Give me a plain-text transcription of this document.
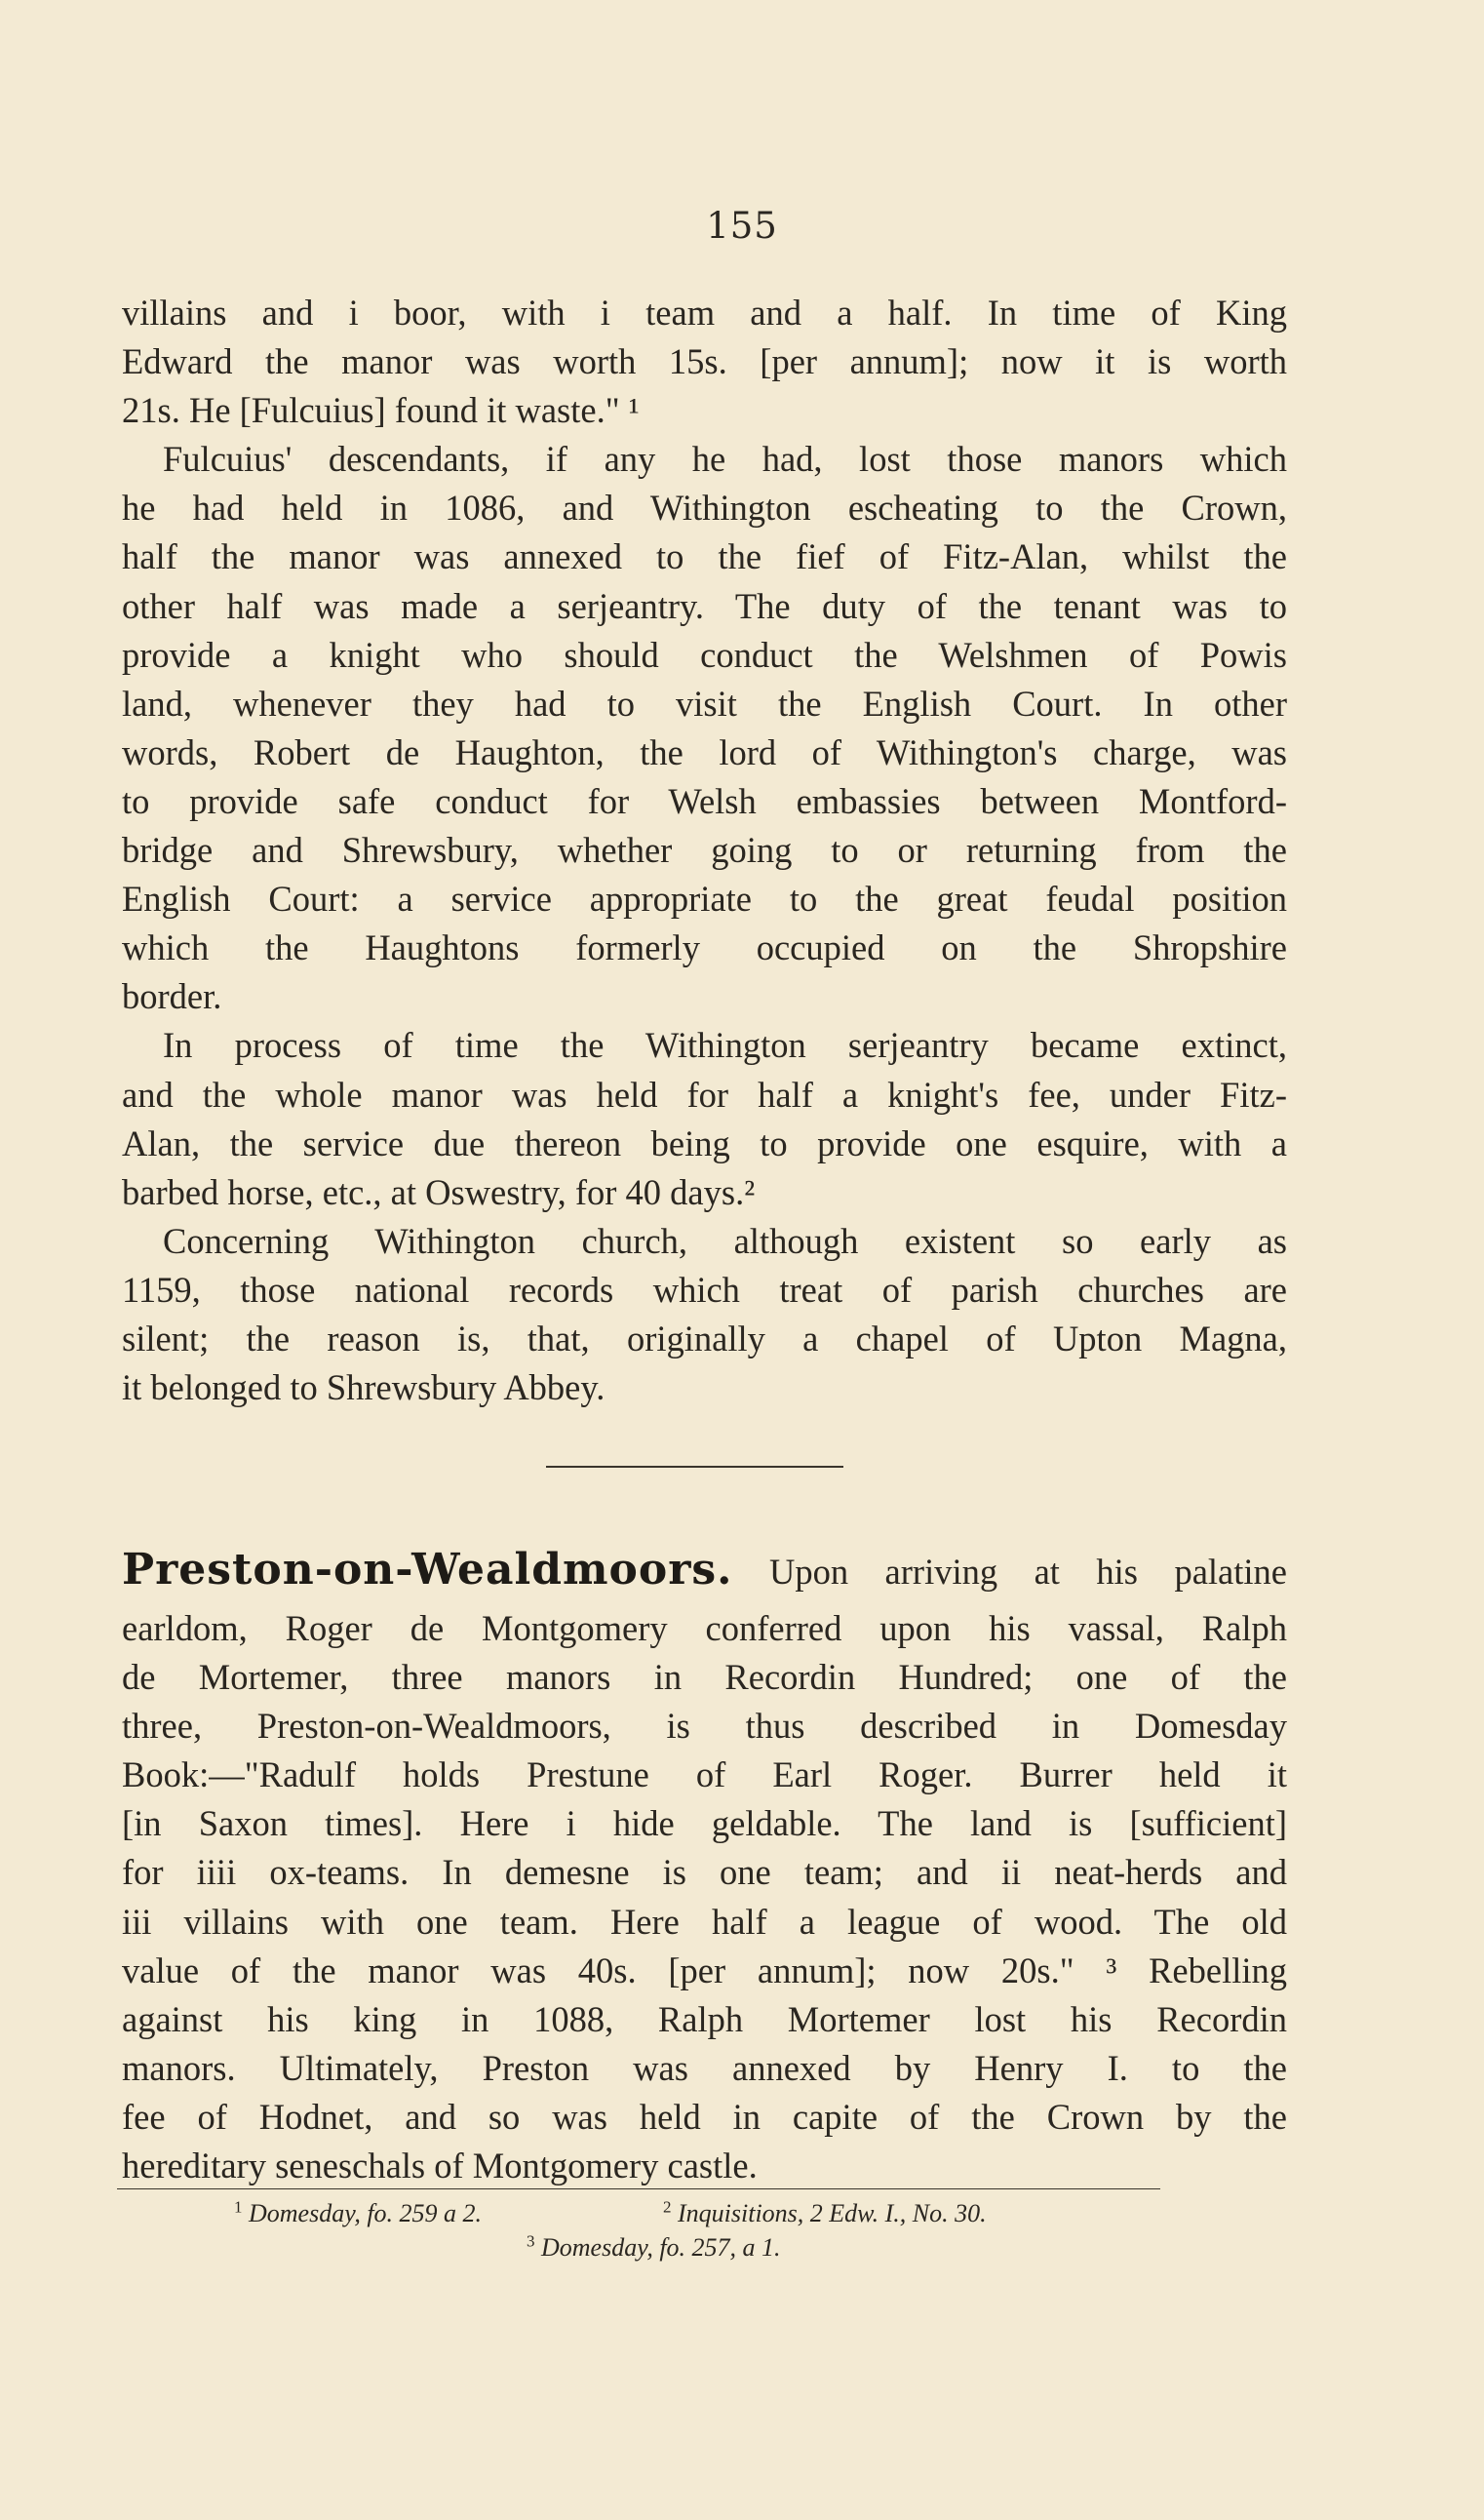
155
villains and i boor, with i team and a half. In time of King
Edward the manor was worth 15s. [per annum]; now it is worth
21s. He [Fulcuius] found it waste." ¹
Fulcuius' descendants, if any he had, lost those manors which
he had held in 1086, and Withington escheating to the Crown,
half the manor was annexed to the fief of Fitz-Alan, whilst the
other half was made a serjeantry. The duty of the tenant was to
provide a knight who should conduct the Welshmen of Powis
land, whenever they had to visit the English Court. In other
words, Robert de Haughton, the lord of Withington's charge, was
to provide safe conduct for Welsh embassies between Montford-
bridge and Shrewsbury, whether going to or returning from the
English Court: a service appropriate to the great feudal position
which the Haughtons formerly occupied on the Shropshire
border.
In process of time the Withington serjeantry became extinct,
and the whole manor was held for half a knight's fee, under Fitz-
Alan, the service due thereon being to provide one esquire, with a
barbed horse, etc., at Oswestry, for 40 days.²
Concerning Withington church, although existent so early as
1159, those national records which treat of parish churches are
silent; the reason is, that, originally a chapel of Upton Magna,
it belonged to Shrewsbury Abbey.
Preston-on-Wealdmoors. Upon arriving at his palatine
earldom, Roger de Montgomery conferred upon his vassal, Ralph
de Mortemer, three manors in Recordin Hundred; one of the
three, Preston-on-Wealdmoors, is thus described in Domesday
Book:—"Radulf holds Prestune of Earl Roger. Burrer held it
[in Saxon times]. Here i hide geldable. The land is [sufficient]
for iiii ox-teams. In demesne is one team; and ii neat-herds and
iii villains with one team. Here half a league of wood. The old
value of the manor was 40s. [per annum]; now 20s." ³ Rebelling
against his king in 1088, Ralph Mortemer lost his Recordin
manors. Ultimately, Preston was annexed by Henry I. to the
fee of Hodnet, and so was held in capite of the Crown by the
hereditary seneschals of Montgomery castle.
$^1$ Domesday, fo. 259 a 2.	$^2$ Inquisitions, 2 Edw. I., No. 30.
$^3$ Domesday, fo. 257, a 1.
